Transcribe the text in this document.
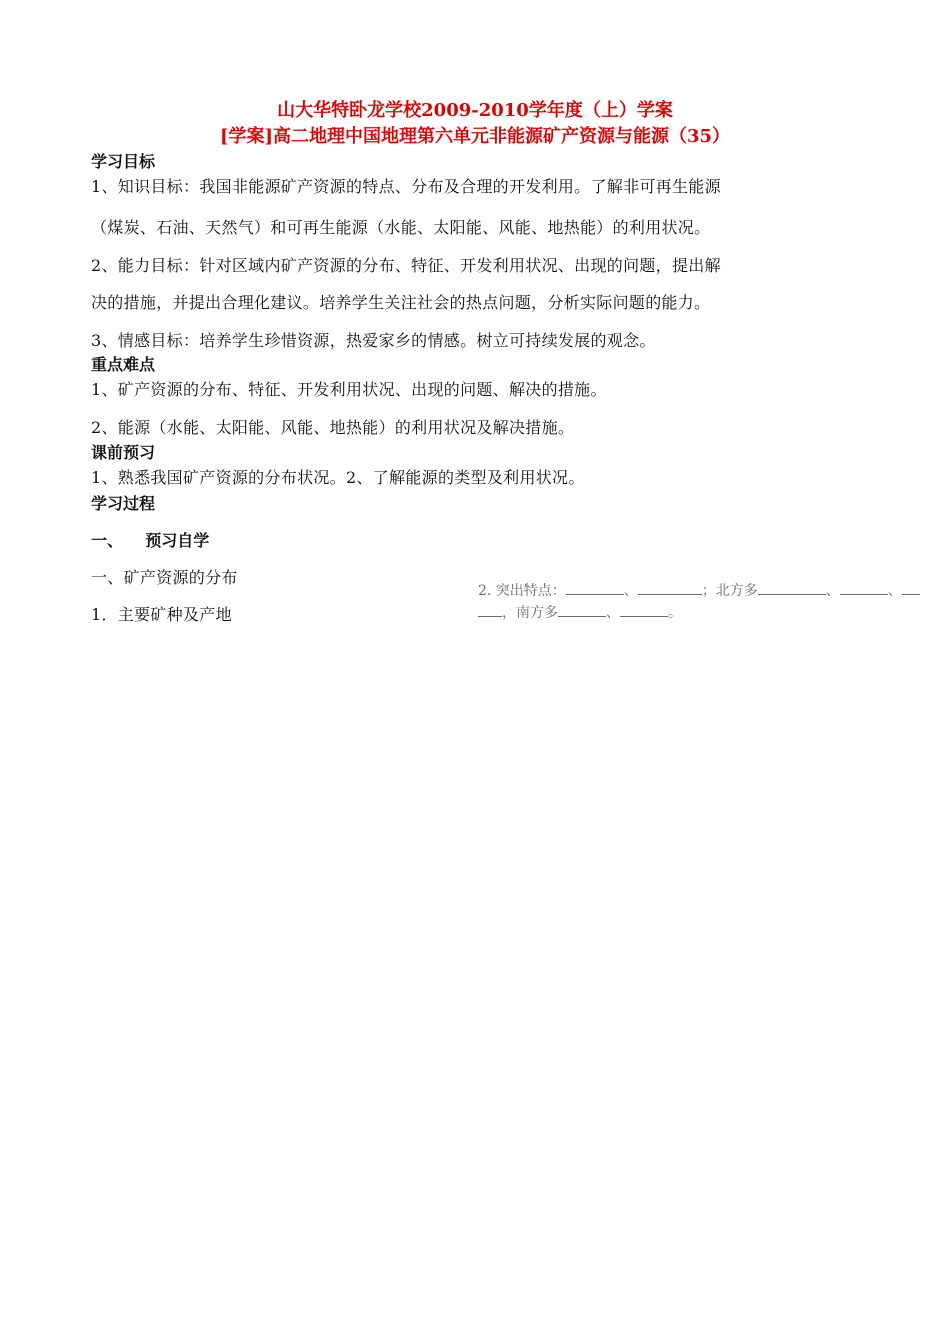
山大华特卧龙学校2009-2010学年度（上）学案
[学案]高二地理中国地理第六单元非能源矿产资源与能源（35）
学习目标
1、知识目标：我国非能源矿产资源的特点、分布及合理的开发利用。了解非可再生能源
（煤炭、石油、天然气）和可再生能源（水能、太阳能、风能、地热能）的利用状况。
2、能力目标：针对区域内矿产资源的分布、特征、开发利用状况、出现的问题，提出解
决的措施，并提出合理化建议。培养学生关注社会的热点问题，分析实际问题的能力。
3、情感目标：培养学生珍惜资源，热爱家乡的情感。树立可持续发展的观念。
重点难点
1、矿产资源的分布、特征、开发利用状况、出现的问题、解决的措施。
2、能源（水能、太阳能、风能、地热能）的利用状况及解决措施。
课前预习
1、熟悉我国矿产资源的分布状况。2、了解能源的类型及利用状况。
学习过程
一、    预习自学
一、矿产资源的分布
1．主要矿种及产地
2. 突出特点：	、	；北方多	、	、
，南方多	、	。
